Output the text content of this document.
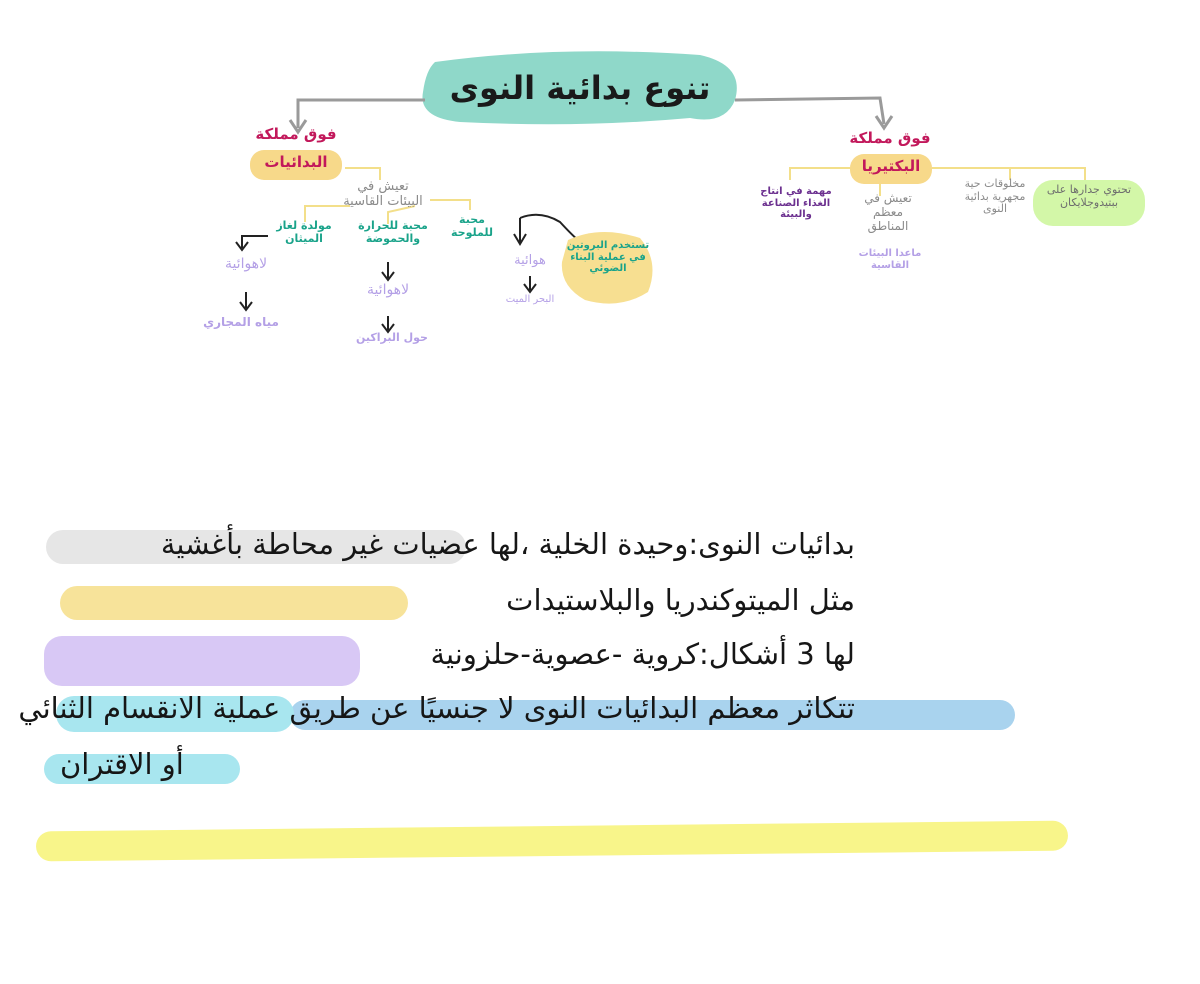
تنوع بدائية النوى
فوق مملكة
البدائيات
تعيش في البيئات القاسية
مولدة لغاز الميثان
لاهوائية
مياه المجاري
محبة للحرارة والحموضة
لاهوائية
حول البراكين
محبة للملوحة
هوائية
البحر الميت
تستخدم البروتين في عملية البناء الضوئي
فوق مملكة
البكتيريا
مهمة في انتاج الغذاء الصناعة والبيئة
تعيش في معظم المناطق
ماعدا البيئات القاسية
مخلوقات حية مجهرية بدائية النوى
تحتوي جدارها على ببتيدوجلايكان
بدائيات النوى:وحيدة الخلية ،لها عضيات غير محاطة بأغشية
مثل الميتوكندريا والبلاستيدات
لها 3 أشكال:كروية -عصوية-حلزونية
تتكاثر معظم البدائيات النوى لا جنسيًا عن طريق عملية الانقسام الثنائي
أو الاقتران
